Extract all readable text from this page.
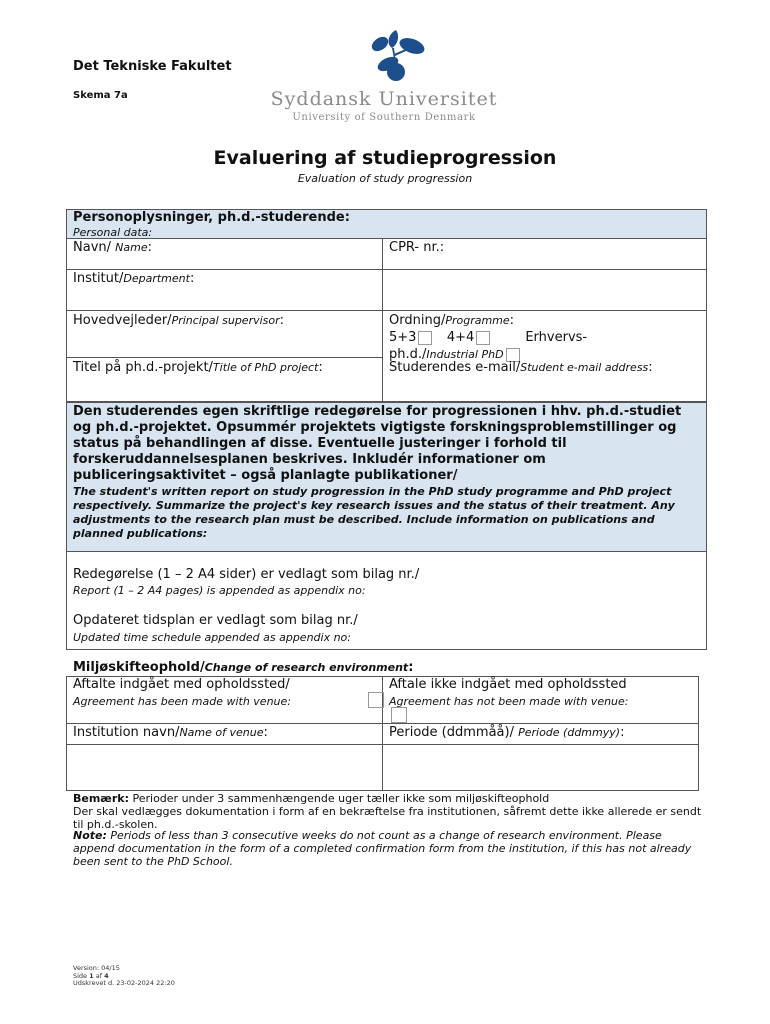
Det Tekniske Fakultet
Skema 7a	Syddansk Universitet
University of Southern Denmark
Evaluering af studieprogression
Evaluation of study progression
Personoplysninger, ph.d.-studerende:
Personal data:
Navn/ Name:	CPR- nr.:
Institut/Department:
Hovedvejleder/Principal supervisor:	Ordning/Programme:
5+3 4+4	Erhvervs-
ph.d./Industrial PhD
Titel på ph.d.-projekt/Title of PhD project:	Studerendes e-mail/Student e-mail address:
Den studerendes egen skriftlige redegørelse for progressionen i hhv. ph.d.-studiet og ph.d.-projektet. Opsummér projektets vigtigste forskningsproblemstillinger og status på behandlingen af disse. Eventuelle justeringer i forhold til forskeruddannelsesplanen beskrives. Inkludér informationer om publiceringsaktivitet – også planlagte publikationer/
The student's written report on study progression in the PhD study programme and PhD project respectively. Summarize the project's key research issues and the status of their treatment. Any adjustments to the research plan must be described. Include information on publications and planned publications:
Redegørelse (1 – 2 A4 sider) er vedlagt som bilag nr./
Report (1 – 2 A4 pages) is appended as appendix no:
Opdateret tidsplan er vedlagt som bilag nr./
Updated time schedule appended as appendix no:
Miljøskifteophold/Change of research environment:
Aftalte indgået med opholdssted/
Agreement has been made with venue:
Aftale ikke indgået med opholdssted
Agreement has not been made with venue:
Institution navn/Name of venue:	Periode (ddmmåå)/ Periode (ddmmyy):
Bemærk: Perioder under 3 sammenhængende uger tæller ikke som miljøskifteophold
Der skal vedlægges dokumentation i form af en bekræftelse fra institutionen, såfremt dette ikke allerede er sendt til ph.d.-skolen.
Note: Periods of less than 3 consecutive weeks do not count as a change of research environment. Please append documentation in the form of a completed confirmation form from the institution, if this has not already been sent to the PhD School.
Version: 04/15
Side 1 af 4
Udskrevet d. 23-02-2024 22:20
